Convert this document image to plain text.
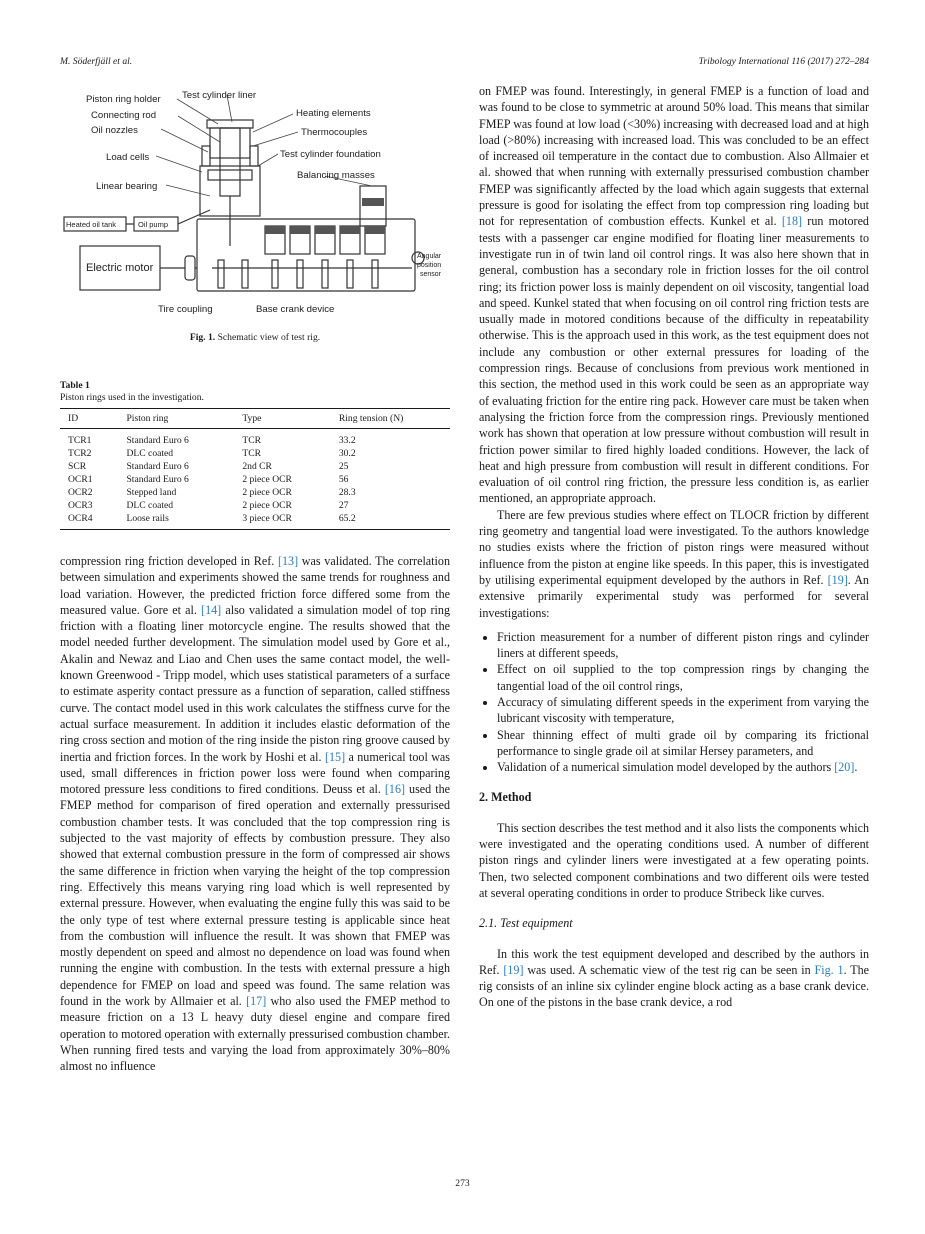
M. Söderfjäll et al.	Tribology International 116 (2017) 272–284
Piston ring holder Test cylinder liner
Connecting rod	Heating elements
Oil nozzles	Thermocouples
Test cylinder foundation
Load cells
Balancing masses
Linear bearing
Heated oil tank	Oil pump
Electric motor
Angular
position
sensor
Tire coupling	Base crank device
Fig. 1. Schematic view of test rig.
Table 1
Piston rings used in the investigation.
ID	Piston ring	Type	Ring tension (N)
TCR1	Standard Euro 6	TCR	33.2
TCR2	DLC coated	TCR	30.2
SCR	Standard Euro 6	2nd CR	25
OCR1	Standard Euro 6	2 piece OCR	56
OCR2	Stepped land	2 piece OCR	28.3
OCR3	DLC coated	2 piece OCR	27
OCR4	Loose rails	3 piece OCR	65.2

compression ring friction developed in Ref. [13] was validated. The correlation between simulation and experiments showed the same trends for roughness and load variation. However, the predicted friction force differed some from the measured value. Gore et al. [14] also validated a simulation model of top ring friction with a floating liner motorcycle engine. The results showed that the model needed further development. The simulation model used by Gore et al., Akalin and Newaz and Liao and Chen uses the same contact model, the well-known Greenwood - Tripp model, which uses statistical parameters of a surface to estimate asperity contact pressure as a function of separation, called stiffness curve. The contact model used in this work calculates the stiffness curve for the actual surface measurement. In addition it includes elastic deformation of the ring cross section and motion of the ring inside the piston ring groove caused by inertia and friction forces. In the work by Hoshi et al. [15] a numerical tool was used, small differences in friction power loss were found when comparing motored pressure less conditions to fired conditions. Deuss et al. [16] used the FMEP method for comparison of fired operation and externally pressurised combustion chamber tests. It was concluded that the top compression ring is subjected to the vast majority of effects by combustion pressure. They also showed that external combustion pressure in the form of compressed air shows the same difference in friction when varying the height of the top compression ring. Effectively this means varying ring load which is well represented by external pressure. However, when evaluating the engine fully this was said to be the only type of test where external pressure testing is applicable since heat from the combustion will influence the result. It was shown that FMEP was mostly dependent on speed and almost no dependence on load was found when running the engine with combustion. In the tests with external pressure a high dependence for FMEP on load and speed was found. The same relation was found in the work by Allmaier et al. [17] who also used the FMEP method to measure friction on a 13 L heavy duty diesel engine and compare fired operation to motored operation with externally pressurised combustion chamber. When running fired tests and varying the load from approximately 30%–80% almost no influence

on FMEP was found. Interestingly, in general FMEP is a function of load and was found to be close to symmetric at around 50% load. This means that similar FMEP was found at low load (<30%) increasing with decreased load and at high load (>80%) increasing with increased load. This was concluded to be an effect of increased oil temperature in the contact due to combustion. Also Allmaier et al. showed that when running with externally pressurised combustion chamber FMEP was significantly affected by the load which again suggests that external pressure is good for isolating the effect from top compression ring loading but not for representation of combustion effects. Kunkel et al. [18] run motored tests with a passenger car engine modified for floating liner measurements to investigate run in of twin land oil control rings. It was also here shown that in general, combustion has a secondary role in friction losses for the oil control ring; its friction power loss is mainly dependent on oil viscosity, tangential load and speed. Kunkel stated that when focusing on oil control ring friction tests are usually made in motored conditions because of the difficulty in repeatability otherwise. This is the approach used in this work, as the test equipment does not include any combustion or other external pressures for loading of the compression rings. Because of conclusions from previous work mentioned in this section, the method used in this work could be seen as an appropriate way of evaluating friction for the entire ring pack. However care must be taken when analysing the friction force from the compression rings. Previously mentioned work has shown that operation at low pressure without combustion will result in friction power similar to fired highly loaded conditions. However, the lack of heat and high pressure from combustion will result in different conditions. For evaluation of oil control ring friction, the pressure less condition is, as earlier mentioned, an appropriate approach.

There are few previous studies where effect on TLOCR friction by different ring geometry and tangential load were investigated. To the authors knowledge no studies exists where the friction of piston rings were measured without influence from the piston at engine like speeds. In this paper, this is investigated by utilising experimental equipment developed by the authors in Ref. [19]. An extensive primarily experimental study was performed for several investigations:

• Friction measurement for a number of different piston rings and cylinder liners at different speeds,
• Effect on oil supplied to the top compression rings by changing the tangential load of the oil control rings,
• Accuracy of simulating different speeds in the experiment from varying the lubricant viscosity with temperature,
• Shear thinning effect of multi grade oil by comparing its frictional performance to single grade oil at similar Hersey parameters, and
• Validation of a numerical simulation model developed by the authors [20].
2. Method

This section describes the test method and it also lists the components which were investigated and the operating conditions used. A number of different piston rings and cylinder liners were investigated at a few operating points. Then, two selected component combinations and two different oils were tested at several operating conditions in order to produce Stribeck like curves.

2.1. Test equipment

In this work the test equipment developed and described by the authors in Ref. [19] was used. A schematic view of the test rig can be seen in Fig. 1. The rig consists of an inline six cylinder engine block acting as a base crank device. On one of the pistons in the base crank device, a rod

273
